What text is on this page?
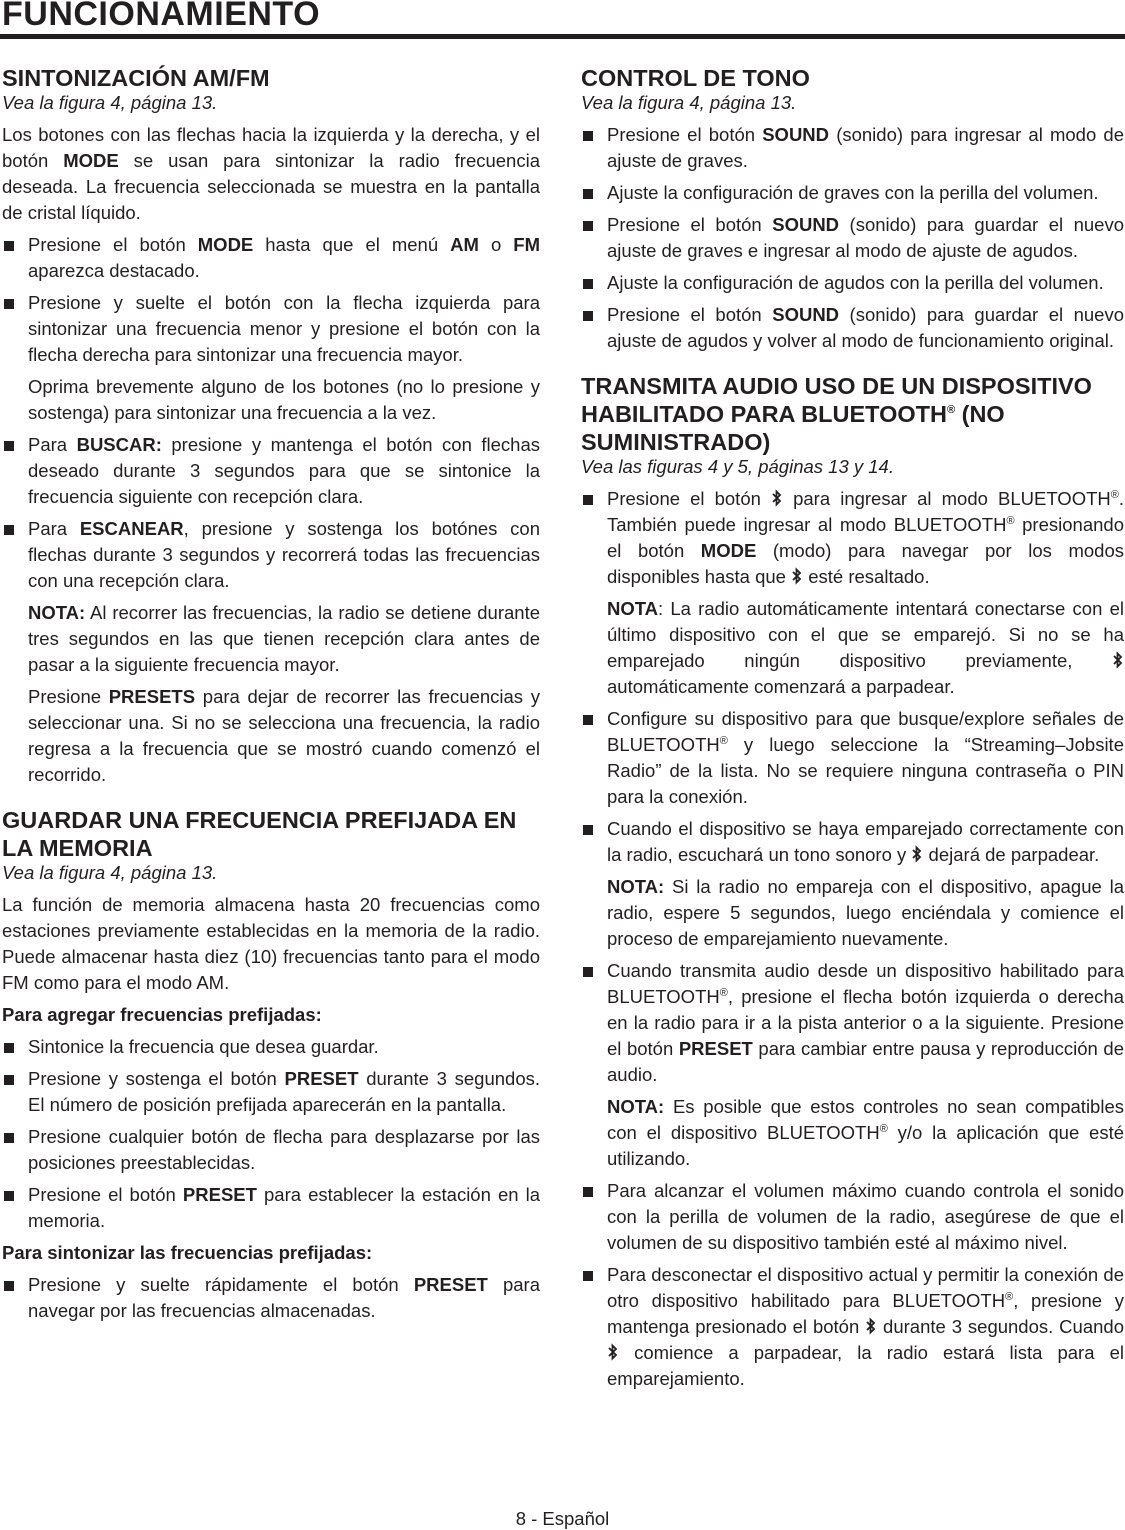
FUNCIONAMIENTO
SINTONIZACIÓN AM/FM
Vea la figura 4, página 13.

Los botones con las flechas hacia la izquierda y la derecha, y el botón MODE se usan para sintonizar la radio frecuencia deseada. La frecuencia seleccionada se muestra en la pantalla de cristal líquido.

Presione el botón MODE hasta que el menú AM o FM aparezca destacado.
Presione y suelte el botón con la flecha izquierda para sintonizar una frecuencia menor y presione el botón con la flecha derecha para sintonizar una frecuencia mayor.

Oprima brevemente alguno de los botones (no lo presione y sostenga) para sintonizar una frecuencia a la vez.

Para BUSCAR: presione y mantenga el botón con flechas deseado durante 3 segundos para que se sintonice la frecuencia siguiente con recepción clara.
Para ESCANEAR, presione y sostenga los botónes con flechas durante 3 segundos y recorrerá todas las frecuencias con una recepción clara.

NOTA: Al recorrer las frecuencias, la radio se detiene durante tres segundos en las que tienen recepción clara antes de pasar a la siguiente frecuencia mayor.

Presione PRESETS para dejar de recorrer las frecuencias y seleccionar una. Si no se selecciona una frecuencia, la radio regresa a la frecuencia que se mostró cuando comenzó el recorrido.

GUARDAR UNA FRECUENCIA PREFIJADA EN LA MEMORIA
Vea la figura 4, página 13.

La función de memoria almacena hasta 20 frecuencias como estaciones previamente establecidas en la memoria de la radio. Puede almacenar hasta diez (10) frecuencias tanto para el modo FM como para el modo AM.

Para agregar frecuencias prefijadas:
Sintonice la frecuencia que desea guardar.
Presione y sostenga el botón PRESET durante 3 segundos. El número de posición prefijada aparecerán en la pantalla.
Presione cualquier botón de flecha para desplazarse por las posiciones preestablecidas.
Presione el botón PRESET para establecer la estación en la memoria.
Para sintonizar las frecuencias prefijadas:
Presione y suelte rápidamente el botón PRESET para navegar por las frecuencias almacenadas.
CONTROL DE TONO
Vea la figura 4, página 13.
Presione el botón SOUND (sonido) para ingresar al modo de ajuste de graves.
Ajuste la configuración de graves con la perilla del volumen.
Presione el botón SOUND (sonido) para guardar el nuevo ajuste de graves e ingresar al modo de ajuste de agudos.
Ajuste la configuración de agudos con la perilla del volumen.
Presione el botón SOUND (sonido) para guardar el nuevo ajuste de agudos y volver al modo de funcionamiento original.
TRANSMITA AUDIO USO DE UN DISPOSITIVO HABILITADO PARA BLUETOOTH® (NO SUMINISTRADO)
Vea las figuras 4 y 5, páginas 13 y 14.
Presione el botón  para ingresar al modo BLUETOOTH®. También puede ingresar al modo BLUETOOTH® presionando el botón MODE (modo) para navegar por los modos disponibles hasta que  esté resaltado.

NOTA: La radio automáticamente intentará conectarse con el último dispositivo con el que se emparejó. Si no se ha emparejado ningún dispositivo previamente,  automáticamente comenzará a parpadear.

Configure su dispositivo para que busque/explore señales de BLUETOOTH® y luego seleccione la “Streaming–Jobsite Radio” de la lista. No se requiere ninguna contraseña o PIN para la conexión.
Cuando el dispositivo se haya emparejado correctamente con la radio, escuchará un tono sonoro y  dejará de parpadear.

NOTA: Si la radio no empareja con el dispositivo, apague la radio, espere 5 segundos, luego enciéndala y comience el proceso de emparejamiento nuevamente.

Cuando transmita audio desde un dispositivo habilitado para BLUETOOTH®, presione el flecha botón izquierda o derecha en la radio para ir a la pista anterior o a la siguiente. Presione el botón PRESET para cambiar entre pausa y reproducción de audio.

NOTA: Es posible que estos controles no sean compatibles con el dispositivo BLUETOOTH® y/o la aplicación que esté utilizando.

Para alcanzar el volumen máximo cuando controla el sonido con la perilla de volumen de la radio, asegúrese de que el volumen de su dispositivo también esté al máximo nivel.
Para desconectar el dispositivo actual y permitir la conexión de otro dispositivo habilitado para BLUETOOTH®, presione y mantenga presionado el botón  durante 3 segundos. Cuando  comience a parpadear, la radio estará lista para el emparejamiento.
8 - Español
